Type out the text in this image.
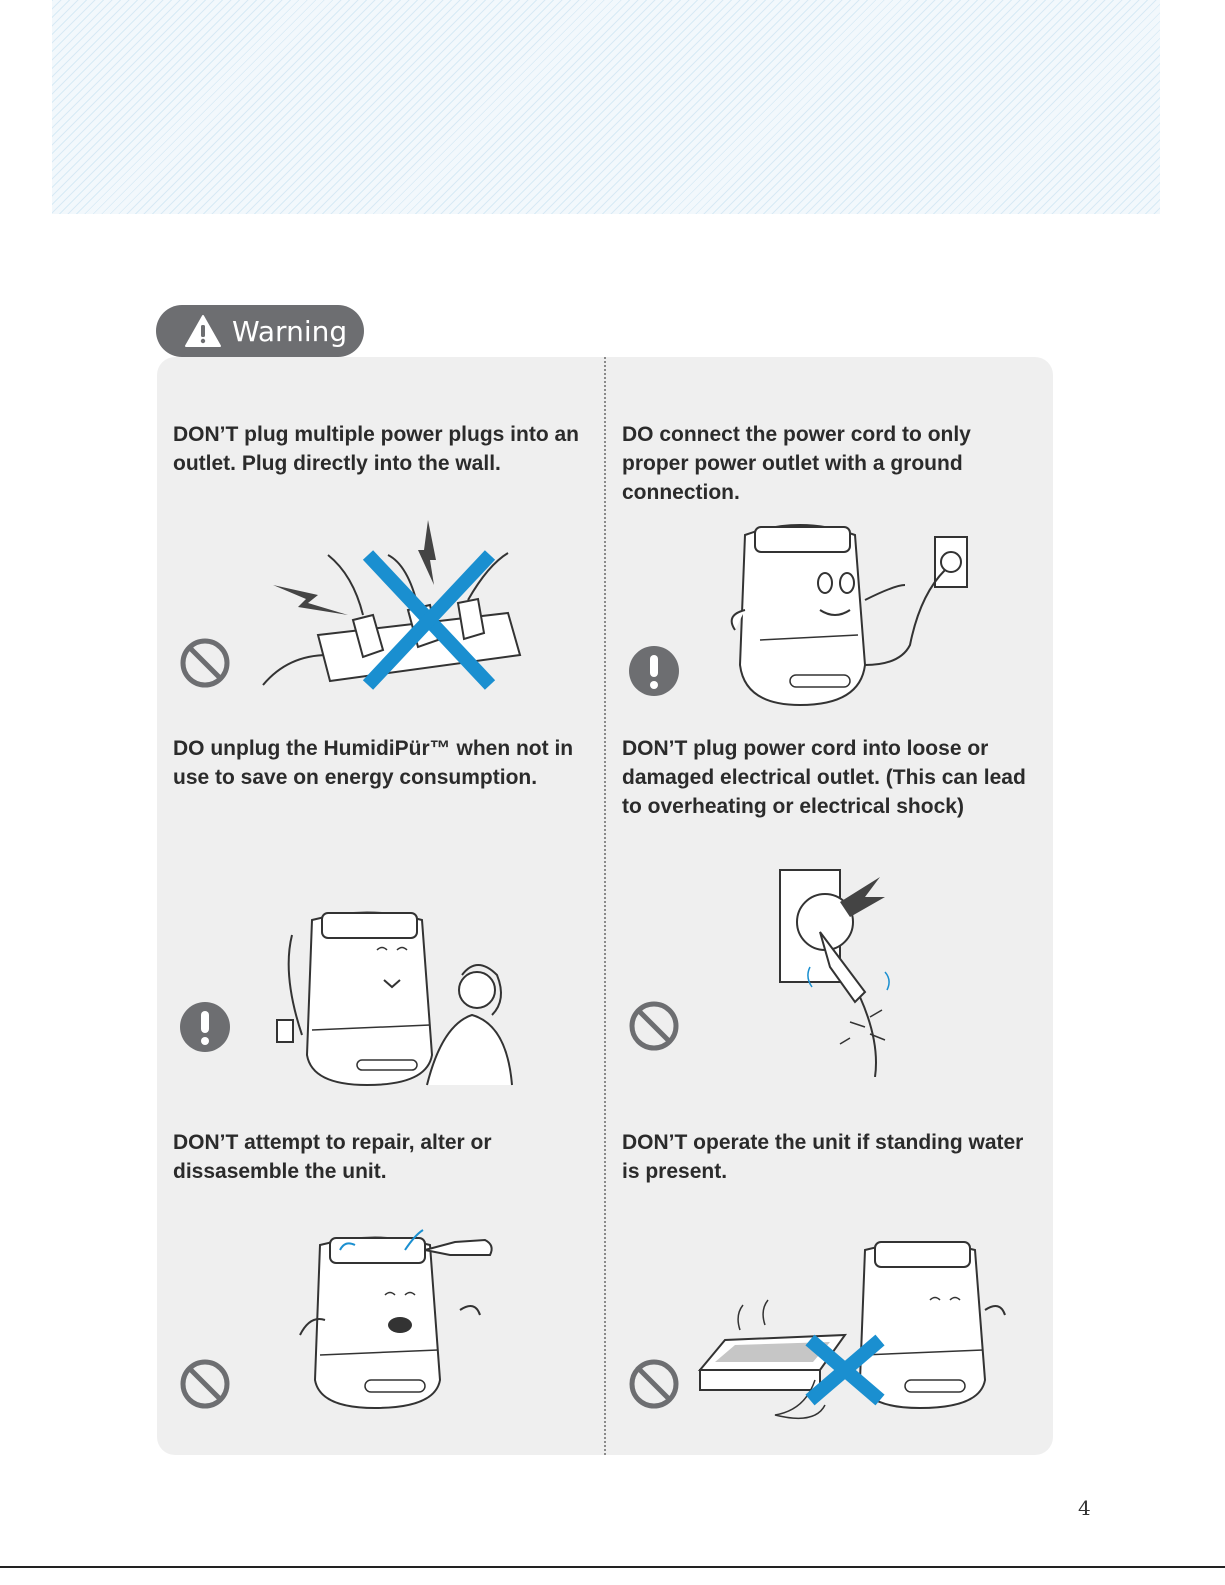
Warning
DON’T plug multiple power plugs into an outlet. Plug directly into the wall.
DO connect the power cord to only proper power outlet with a ground connection.
DO unplug the HumidiPür™ when not in use to save on energy consumption.
DON’T plug power cord into loose or damaged electrical outlet. (This can lead to overheating or electrical shock)
DON’T attempt to repair, alter or dissasemble the unit.
DON’T operate the unit if standing water is present.
4
